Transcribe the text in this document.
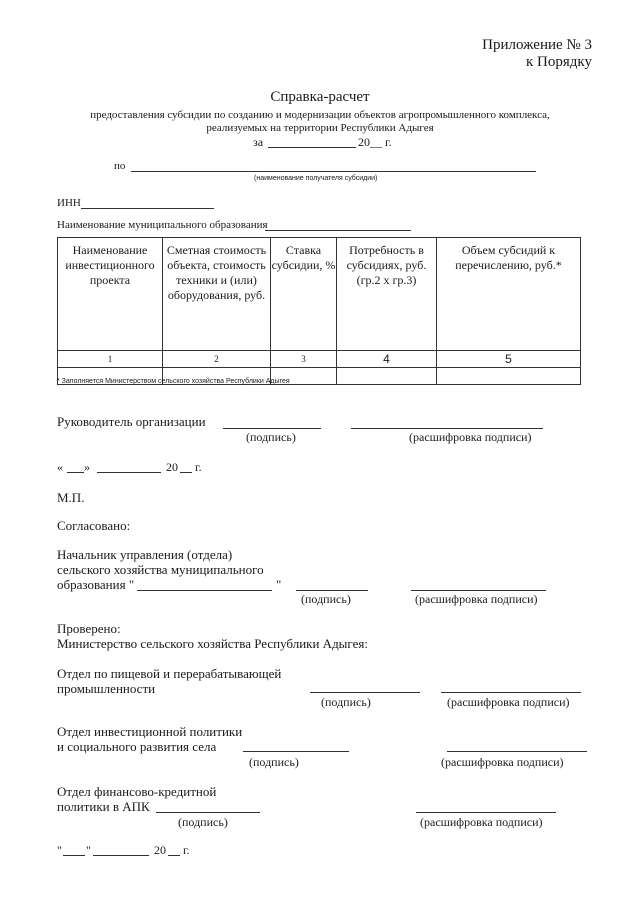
Приложение № 3
к Порядку
Справка-расчет
предоставления субсидии по созданию и модернизации объектов агропромышленного комплекса,
реализуемых на территории Республики Адыгея
за	20__ г.
по
(наименование получателя субсидии)
ИНН
Наименование муниципального образования
Наименование инвестиционного проекта	Сметная стоимость объекта, стоимость техники и (или) оборудования, руб.	Ставка субсидии, %	Потребность в субсидиях, руб. (гр.2 х гр.3)	Объем субсидий к перечислению, руб.*
1	2	3	4	5

* Заполняется Министерством сельского хозяйства Республики Адыгея
Руководитель организации
(подпись)	(расшифровка подписи)
« »	20 г.
М.П.
Согласовано:
Начальник управления (отдела)
сельского хозяйства муниципального
образования "	"
(подпись)	(расшифровка подписи)
Проверено:
Министерство сельского хозяйства Республики Адыгея:
Отдел по пищевой и перерабатывающей
промышленности
(подпись)	(расшифровка подписи)
Отдел инвестиционной политики
и социального развития села
(подпись)	(расшифровка подписи)
Отдел финансово-кредитной
политики в АПК
(подпись)	(расшифровка подписи)
" "	20 г.
